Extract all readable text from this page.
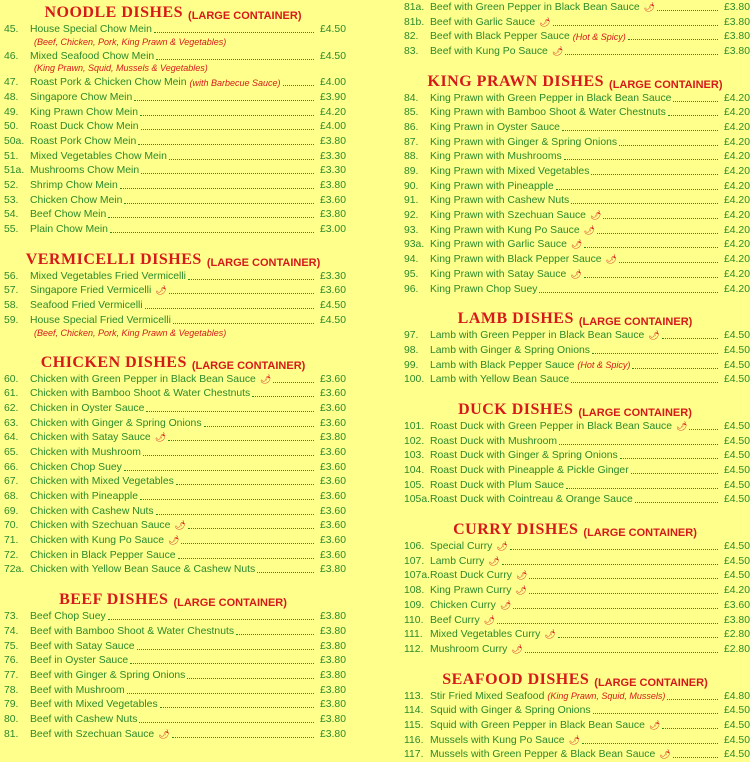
NOODLE DISHES (LARGE CONTAINER)
45.	House Special Chow Mein	£4.50
(Beef, Chicken, Pork, King Prawn & Vegetables)
46.	Mixed Seafood Chow Mein	£4.50
(King Prawn, Squid, Mussels & Vegetables)
47.	Roast Pork & Chicken Chow Mein (with Barbecue Sauce)	£4.00
48.	Singapore Chow Mein	£3.90
49.	King Prawn Chow Mein	£4.20
50.	Roast Duck Chow Mein	£4.00
50a. Roast Pork Chow Mein	£3.80
51.	Mixed Vegetables Chow Mein	£3.30
51a. Mushrooms Chow Mein	£3.30
52.	Shrimp Chow Mein	£3.80
53.	Chicken Chow Mein	£3.60
54.	Beef Chow Mein	£3.80
55.	Plain Chow Mein	£3.00
VERMICELLI DISHES (LARGE CONTAINER)
56.	Mixed Vegetables Fried Vermicelli	£3.30
57.	Singapore Fried Vermicelli 🌶	£3.60
58.	Seafood Fried Vermicelli	£4.50
59.	House Special Fried Vermicelli	£4.50
(Beef, Chicken, Pork, King Prawn & Vegetables)
CHICKEN DISHES (LARGE CONTAINER)
60.	Chicken with Green Pepper in Black Bean Sauce 🌶	£3.60
61.	Chicken with Bamboo Shoot & Water Chestnuts	£3.60
62.	Chicken in Oyster Sauce	£3.60
63.	Chicken with Ginger & Spring Onions	£3.60
64.	Chicken with Satay Sauce 🌶	£3.80
65.	Chicken with Mushroom	£3.60
66.	Chicken Chop Suey	£3.60
67.	Chicken with Mixed Vegetables	£3.60
68.	Chicken with Pineapple	£3.60
69.	Chicken with Cashew Nuts	£3.60
70.	Chicken with Szechuan Sauce 🌶	£3.60
71.	Chicken with Kung Po Sauce 🌶	£3.60
72.	Chicken in Black Pepper Sauce	£3.60
72a. Chicken with Yellow Bean Sauce & Cashew Nuts	£3.80
BEEF DISHES (LARGE CONTAINER)
73.	Beef Chop Suey	£3.80
74.	Beef with Bamboo Shoot & Water Chestnuts	£3.80
75.	Beef with Satay Sauce	£3.80
76.	Beef in Oyster Sauce	£3.80
77.	Beef with Ginger & Spring Onions	£3.80
78.	Beef with Mushroom	£3.80
79.	Beef with Mixed Vegetables	£3.80
80.	Beef with Cashew Nuts	£3.80
81.	Beef with Szechuan Sauce 🌶	£3.80
81a. Beef with Green Pepper in Black Bean Sauce 🌶	£3.80
81b. Beef with Garlic Sauce 🌶	£3.80
82.	Beef with Black Pepper Sauce (Hot & Spicy)	£3.80
83.	Beef with Kung Po Sauce 🌶	£3.80
KING PRAWN DISHES (LARGE CONTAINER)
84.	King Prawn with Green Pepper in Black Bean Sauce	£4.20
85.	King Prawn with Bamboo Shoot & Water Chestnuts	£4.20
86.	King Prawn in Oyster Sauce	£4.20
87.	King Prawn with Ginger & Spring Onions	£4.20
88.	King Prawn with Mushrooms	£4.20
89.	King Prawn with Mixed Vegetables	£4.20
90.	King Prawn with Pineapple	£4.20
91.	King Prawn with Cashew Nuts	£4.20
92.	King Prawn with Szechuan Sauce 🌶	£4.20
93.	King Prawn with Kung Po Sauce 🌶	£4.20
93a. King Prawn with Garlic Sauce 🌶	£4.20
94.	King Prawn with Black Pepper Sauce 🌶	£4.20
95.	King Prawn with Satay Sauce 🌶	£4.20
96.	King Prawn Chop Suey	£4.20
LAMB DISHES (LARGE CONTAINER)
97.	Lamb with Green Pepper in Black Bean Sauce 🌶	£4.50
98.	Lamb with Ginger & Spring Onions	£4.50
99.	Lamb with Black Pepper Sauce (Hot & Spicy)	£4.50
100. Lamb with Yellow Bean Sauce	£4.50
DUCK DISHES (LARGE CONTAINER)
101. Roast Duck with Green Pepper in Black Bean Sauce 🌶	£4.50
102. Roast Duck with Mushroom	£4.50
103. Roast Duck with Ginger & Spring Onions	£4.50
104. Roast Duck with Pineapple & Pickle Ginger	£4.50
105. Roast Duck with Plum Sauce	£4.50
105a. Roast Duck with Cointreau & Orange Sauce	£4.50
CURRY DISHES (LARGE CONTAINER)
106. Special Curry 🌶	£4.50
107. Lamb Curry 🌶	£4.50
107a. Roast Duck Curry 🌶	£4.50
108. King Prawn Curry 🌶	£4.20
109. Chicken Curry 🌶	£3.60
110. Beef Curry 🌶	£3.80
111. Mixed Vegetables Curry 🌶	£2.80
112. Mushroom Curry 🌶	£2.80
SEAFOOD DISHES (LARGE CONTAINER)
113. Stir Fried Mixed Seafood (King Prawn, Squid, Mussels)	£4.80
114. Squid with Ginger & Spring Onions	£4.50
115. Squid with Green Pepper in Black Bean Sauce 🌶	£4.50
116. Mussels with Kung Po Sauce 🌶	£4.50
117. Mussels with Green Pepper & Black Bean Sauce 🌶	£4.50
